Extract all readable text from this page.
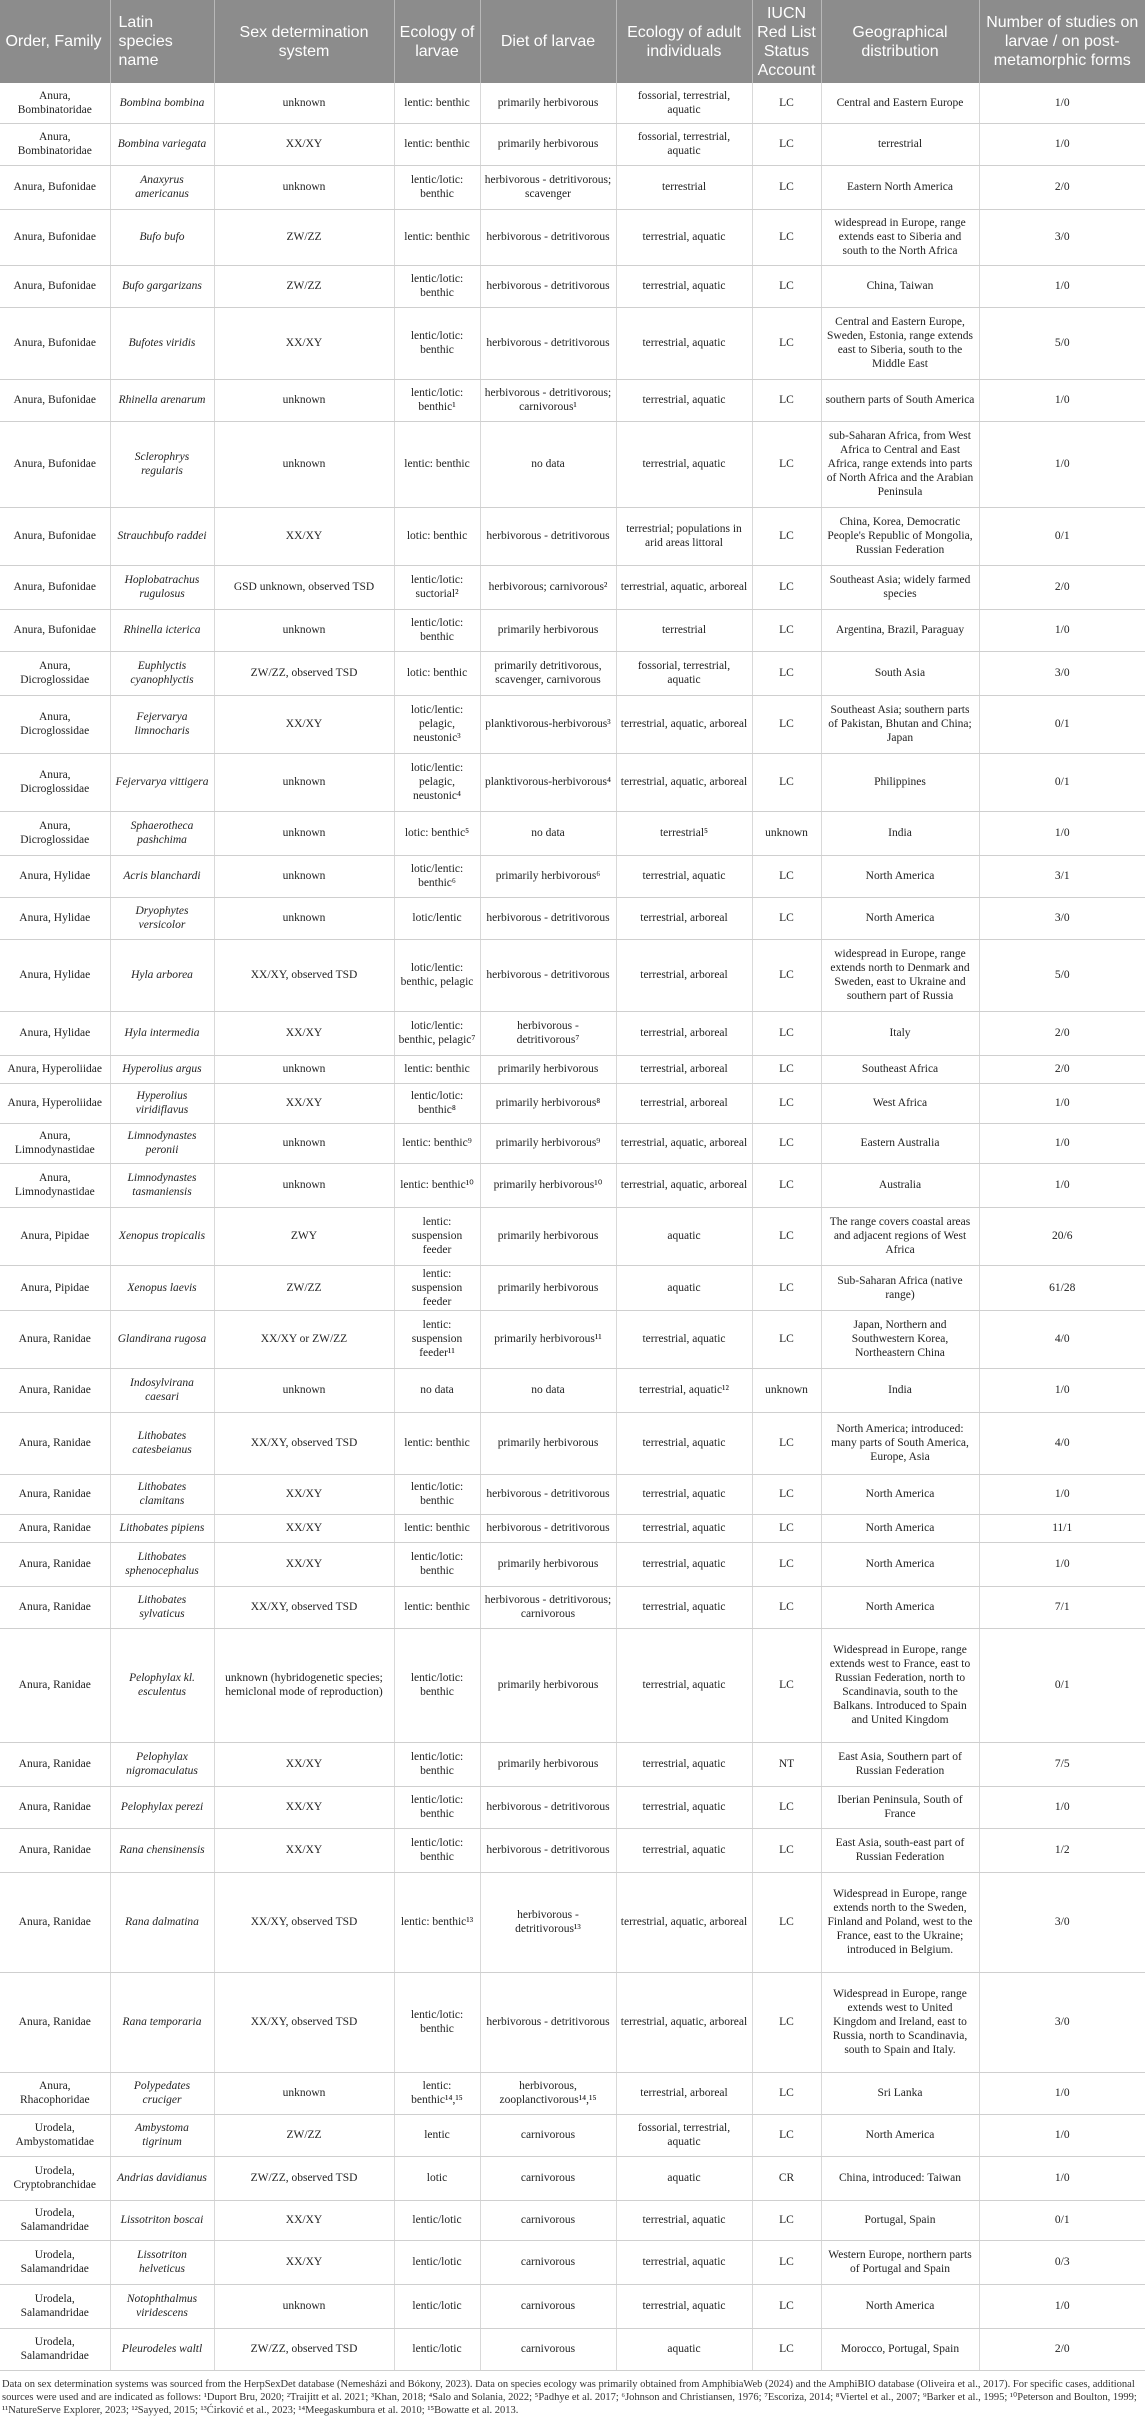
Order, Family	Latin species name	Sex determination system	Ecology of larvae	Diet of larvae	Ecology of adult individuals	IUCN Red List Status Account	Geographical distribution	Number of studies on larvae / on post-metamorphic forms
Anura, Bombinatoridae	Bombina bombina	unknown	lentic: benthic	primarily herbivorous	fossorial, terrestrial, aquatic	LC	Central and Eastern Europe	1/0
Anura, Bombinatoridae	Bombina variegata	XX/XY	lentic: benthic	primarily herbivorous	fossorial, terrestrial, aquatic	LC	terrestrial	1/0
Anura, Bufonidae	Anaxyrus americanus	unknown	lentic/lotic: benthic	herbivorous - detritivorous; scavenger	terrestrial	LC	Eastern North America	2/0
Anura, Bufonidae	Bufo bufo	ZW/ZZ	lentic: benthic	herbivorous - detritivorous	terrestrial, aquatic	LC	widespread in Europe, range extends east to Siberia and south to the North Africa	3/0
Anura, Bufonidae	Bufo gargarizans	ZW/ZZ	lentic/lotic: benthic	herbivorous - detritivorous	terrestrial, aquatic	LC	China, Taiwan	1/0
Anura, Bufonidae	Bufotes viridis	XX/XY	lentic/lotic: benthic	herbivorous - detritivorous	terrestrial, aquatic	LC	Central and Eastern Europe, Sweden, Estonia, range extends east to Siberia, south to the Middle East	5/0
Anura, Bufonidae	Rhinella arenarum	unknown	lentic/lotic: benthic¹	herbivorous - detritivorous; carnivorous¹	terrestrial, aquatic	LC	southern parts of South America	1/0
Anura, Bufonidae	Sclerophrys regularis	unknown	lentic: benthic	no data	terrestrial, aquatic	LC	sub-Saharan Africa, from West Africa to Central and East Africa, range extends into parts of North Africa and the Arabian Peninsula	1/0
Anura, Bufonidae	Strauchbufo raddei	XX/XY	lotic: benthic	herbivorous - detritivorous	terrestrial; populations in arid areas littoral	LC	China, Korea, Democratic People's Republic of Mongolia, Russian Federation	0/1
Anura, Bufonidae	Hoplobatrachus rugulosus	GSD unknown, observed TSD	lentic/lotic: suctorial²	herbivorous; carnivorous²	terrestrial, aquatic, arboreal	LC	Southeast Asia; widely farmed species	2/0
Anura, Bufonidae	Rhinella icterica	unknown	lentic/lotic: benthic	primarily herbivorous	terrestrial	LC	Argentina, Brazil, Paraguay	1/0
Anura, Dicroglossidae	Euphlyctis cyanophlyctis	ZW/ZZ, observed TSD	lotic: benthic	primarily detritivorous, scavenger, carnivorous	fossorial, terrestrial, aquatic	LC	South Asia	3/0
Anura, Dicroglossidae	Fejervarya limnocharis	XX/XY	lotic/lentic: pelagic, neustonic³	planktivorous-herbivorous³	terrestrial, aquatic, arboreal	LC	Southeast Asia; southern parts of Pakistan, Bhutan and China; Japan	0/1
Anura, Dicroglossidae	Fejervarya vittigera	unknown	lotic/lentic: pelagic, neustonic⁴	planktivorous-herbivorous⁴	terrestrial, aquatic, arboreal	LC	Philippines	0/1
Anura, Dicroglossidae	Sphaerotheca pashchima	unknown	lotic: benthic⁵	no data	terrestrial⁵	unknown	India	1/0
Anura, Hylidae	Acris blanchardi	unknown	lotic/lentic: benthic⁶	primarily herbivorous⁶	terrestrial, aquatic	LC	North America	3/1
Anura, Hylidae	Dryophytes versicolor	unknown	lotic/lentic	herbivorous - detritivorous	terrestrial, arboreal	LC	North America	3/0
Anura, Hylidae	Hyla arborea	XX/XY, observed TSD	lotic/lentic: benthic, pelagic	herbivorous - detritivorous	terrestrial, arboreal	LC	widespread in Europe, range extends north to Denmark and Sweden, east to Ukraine and southern part of Russia	5/0
Anura, Hylidae	Hyla intermedia	XX/XY	lotic/lentic: benthic, pelagic⁷	herbivorous - detritivorous⁷	terrestrial, arboreal	LC	Italy	2/0
Anura, Hyperoliidae	Hyperolius argus	unknown	lentic: benthic	primarily herbivorous	terrestrial, arboreal	LC	Southeast Africa	2/0
Anura, Hyperoliidae	Hyperolius viridiflavus	XX/XY	lentic/lotic: benthic⁸	primarily herbivorous⁸	terrestrial, arboreal	LC	West Africa	1/0
Anura, Limnodynastidae	Limnodynastes peronii	unknown	lentic: benthic⁹	primarily herbivorous⁹	terrestrial, aquatic, arboreal	LC	Eastern Australia	1/0
Anura, Limnodynastidae	Limnodynastes tasmaniensis	unknown	lentic: benthic¹⁰	primarily herbivorous¹⁰	terrestrial, aquatic, arboreal	LC	Australia	1/0
Anura, Pipidae	Xenopus tropicalis	ZWY	lentic: suspension feeder	primarily herbivorous	aquatic	LC	The range covers coastal areas and adjacent regions of West Africa	20/6
Anura, Pipidae	Xenopus laevis	ZW/ZZ	lentic: suspension feeder	primarily herbivorous	aquatic	LC	Sub-Saharan Africa (native range)	61/28
Anura, Ranidae	Glandirana rugosa	XX/XY or ZW/ZZ	lentic: suspension feeder¹¹	primarily herbivorous¹¹	terrestrial, aquatic	LC	Japan, Northern and Southwestern Korea, Northeastern China	4/0
Anura, Ranidae	Indosylvirana caesari	unknown	no data	no data	terrestrial, aquatic¹²	unknown	India	1/0
Anura, Ranidae	Lithobates catesbeianus	XX/XY, observed TSD	lentic: benthic	primarily herbivorous	terrestrial, aquatic	LC	North America; introduced: many parts of South America, Europe, Asia	4/0
Anura, Ranidae	Lithobates clamitans	XX/XY	lentic/lotic: benthic	herbivorous - detritivorous	terrestrial, aquatic	LC	North America	1/0
Anura, Ranidae	Lithobates pipiens	XX/XY	lentic: benthic	herbivorous - detritivorous	terrestrial, aquatic	LC	North America	11/1
Anura, Ranidae	Lithobates sphenocephalus	XX/XY	lentic/lotic: benthic	primarily herbivorous	terrestrial, aquatic	LC	North America	1/0
Anura, Ranidae	Lithobates sylvaticus	XX/XY, observed TSD	lentic: benthic	herbivorous - detritivorous; carnivorous	terrestrial, aquatic	LC	North America	7/1
Anura, Ranidae	Pelophylax kl. esculentus	unknown (hybridogenetic species; hemiclonal mode of reproduction)	lentic/lotic: benthic	primarily herbivorous	terrestrial, aquatic	LC	Widespread in Europe, range extends west to France, east to Russian Federation, north to Scandinavia, south to the Balkans. Introduced to Spain and United Kingdom	0/1
Anura, Ranidae	Pelophylax nigromaculatus	XX/XY	lentic/lotic: benthic	primarily herbivorous	terrestrial, aquatic	NT	East Asia, Southern part of Russian Federation	7/5
Anura, Ranidae	Pelophylax perezi	XX/XY	lentic/lotic: benthic	herbivorous - detritivorous	terrestrial, aquatic	LC	Iberian Peninsula, South of France	1/0
Anura, Ranidae	Rana chensinensis	XX/XY	lentic/lotic: benthic	herbivorous - detritivorous	terrestrial, aquatic	LC	East Asia, south-east part of Russian Federation	1/2
Anura, Ranidae	Rana dalmatina	XX/XY, observed TSD	lentic: benthic¹³	herbivorous - detritivorous¹³	terrestrial, aquatic, arboreal	LC	Widespread in Europe, range extends north to the Sweden, Finland and Poland, west to the France, east to the Ukraine; introduced in Belgium.	3/0
Anura, Ranidae	Rana temporaria	XX/XY, observed TSD	lentic/lotic: benthic	herbivorous - detritivorous	terrestrial, aquatic, arboreal	LC	Widespread in Europe, range extends west to United Kingdom and Ireland, east to Russia, north to Scandinavia, south to Spain and Italy.	3/0
Anura, Rhacophoridae	Polypedates cruciger	unknown	lentic: benthic¹⁴,¹⁵	herbivorous, zooplanctivorous¹⁴,¹⁵	terrestrial, arboreal	LC	Sri Lanka	1/0
Urodela, Ambystomatidae	Ambystoma tigrinum	ZW/ZZ	lentic	carnivorous	fossorial, terrestrial, aquatic	LC	North America	1/0
Urodela, Cryptobranchidae	Andrias davidianus	ZW/ZZ, observed TSD	lotic	carnivorous	aquatic	CR	China, introduced: Taiwan	1/0
Urodela, Salamandridae	Lissotriton boscai	XX/XY	lentic/lotic	carnivorous	terrestrial, aquatic	LC	Portugal, Spain	0/1
Urodela, Salamandridae	Lissotriton helveticus	XX/XY	lentic/lotic	carnivorous	terrestrial, aquatic	LC	Western Europe, northern parts of Portugal and Spain	0/3
Urodela, Salamandridae	Notophthalmus viridescens	unknown	lentic/lotic	carnivorous	terrestrial, aquatic	LC	North America	1/0
Urodela, Salamandridae	Pleurodeles waltl	ZW/ZZ, observed TSD	lentic/lotic	carnivorous	aquatic	LC	Morocco, Portugal, Spain	2/0
Data on sex determination systems was sourced from the HerpSexDet database (Nemesházi and Bókony, 2023). Data on species ecology was primarily obtained from AmphibiaWeb (2024) and the AmphiBIO database (Oliveira et al., 2017). For specific cases, additional sources were used and are indicated as follows: ¹Duport Bru, 2020; ²Traijitt et al. 2021; ³Khan, 2018; ⁴Salo and Solania, 2022; ⁵Padhye et al. 2017; ⁶Johnson and Christiansen, 1976; ⁷Escoriza, 2014; ⁸Viertel et al., 2007; ⁹Barker et al., 1995; ¹⁰Peterson and Boulton, 1999; ¹¹NatureServe Explorer, 2023; ¹²Sayyed, 2015; ¹³Ćirković et al., 2023; ¹⁴Meegaskumbura et al. 2010; ¹⁵Bowatte et al. 2013.
